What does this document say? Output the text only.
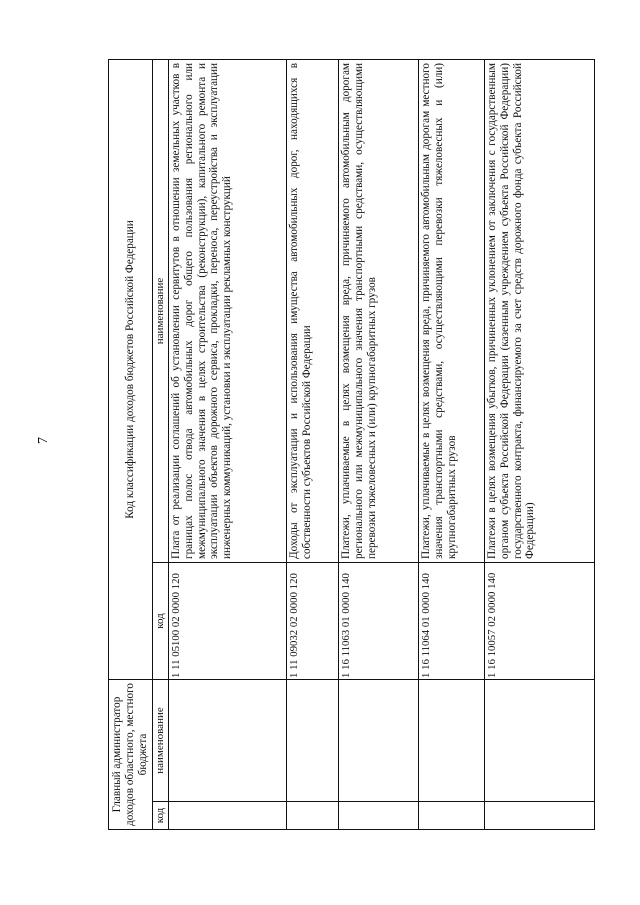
7
Главный администратор доходов областного, местного бюджета		Код классификации доходов бюджетов Российской Федерации	
код	наименование	код	наименование
		1 11 05100 02 0000 120	Плата от реализации соглашений об установлении сервитутов в отношении земельных участков в границах полос отвода автомобильных дорог общего пользования регионального или межмуниципального значения в целях строительства (реконструкции), капитального ремонта и эксплуатации объектов дорожного сервиса, прокладки, переноса, переустройства и эксплуатации инженерных коммуникаций, установки и эксплуатации рекламных конструкций
		1 11 09032 02 0000 120	Доходы от эксплуатации и использования имущества автомобильных дорог, находящихся в собственности субъектов Российской Федерации
		1 16 11063 01 0000 140	Платежи, уплачиваемые в целях возмещения вреда, причиняемого автомобильным дорогам регионального или межмуниципального значения транспортными средствами, осуществляющими перевозки тяжеловесных и (или) крупногабаритных грузов
		1 16 11064 01 0000 140	Платежи, уплачиваемые в целях возмещения вреда, причиняемого автомобильным дорогам местного значения транспортными средствами, осуществляющими перевозки тяжеловесных и (или) крупногабаритных грузов
		1 16 10057 02 0000 140	Платежи в целях возмещения убытков, причиненных уклонением от заключения с государственным органом субъекта Российской Федерации (казенным учреждением субъекта Российской Федерации) государственного контракта, финансируемого за счет средств дорожного фонда субъекта Российской Федерации)
